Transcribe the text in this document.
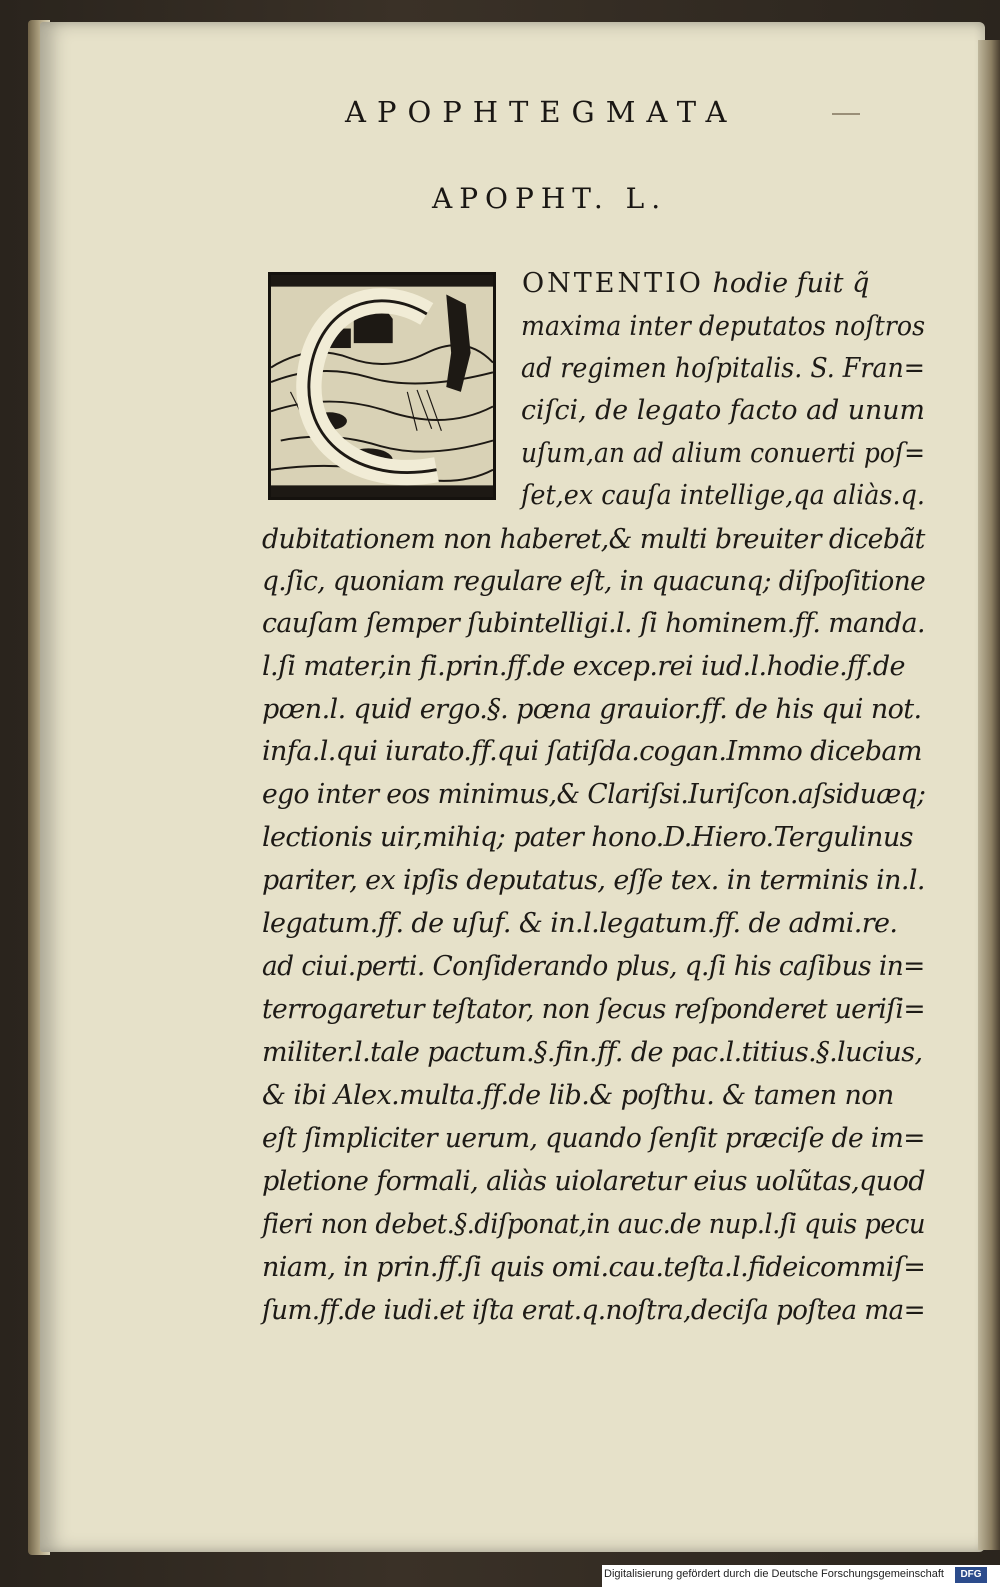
APOPHTEGMATA
APOPHT. L.
ONTENTIO hodie fuit q̃
maxima inter deputatos noſtros
ad regimen hoſpitalis. S. Fran=
ciſci, de legato facto ad unum
uſum,an ad alium conuerti poſ=
ſet,ex cauſa intellige,qa aliàs.q.
dubitationem non haberet,& multi breuiter dicebãt
q.ſic, quoniam regulare eſt, in quacunq; diſpoſitione
cauſam ſemper ſubintelligi.l. ſi hominem.ff. manda.
l.ſi mater,in fi.prin.ff.de excep.rei iud.l.hodie.ff.de
pœn.l. quid ergo.§. pœna grauior.ff. de his qui not.
infa.l.qui iurato.ff.qui ſatiſda.cogan.Immo dicebam
ego inter eos minimus,& Clariſsi.Iuriſcon.aſsiduæq;
lectionis uir,mihiq; pater hono.D.Hiero.Tergulinus
pariter, ex ipſis deputatus, eſſe tex. in terminis in.l.
legatum.ff. de uſuf. & in.l.legatum.ff. de admi.re.
ad ciui.perti. Conſiderando plus, q.ſi his caſibus in=
terrogaretur teſtator, non ſecus reſponderet ueriſi=
militer.l.tale pactum.§.fin.ff. de pac.l.titius.§.lucius,
& ibi Alex.multa.ff.de lib.& poſthu. & tamen non
eſt ſimpliciter uerum, quando ſenſit præciſe de im=
pletione formali, aliàs uiolaretur eius uolũtas,quod
fieri non debet.§.diſponat,in auc.de nup.l.ſi quis pecu
niam, in prin.ff.ſi quis omi.cau.teſta.l.fideicommiſ=
ſum.ff.de iudi.et iſta erat.q.noſtra,deciſa poſtea ma=
Digitalisierung gefördert durch die Deutsche Forschungsgemeinschaft	DFG
